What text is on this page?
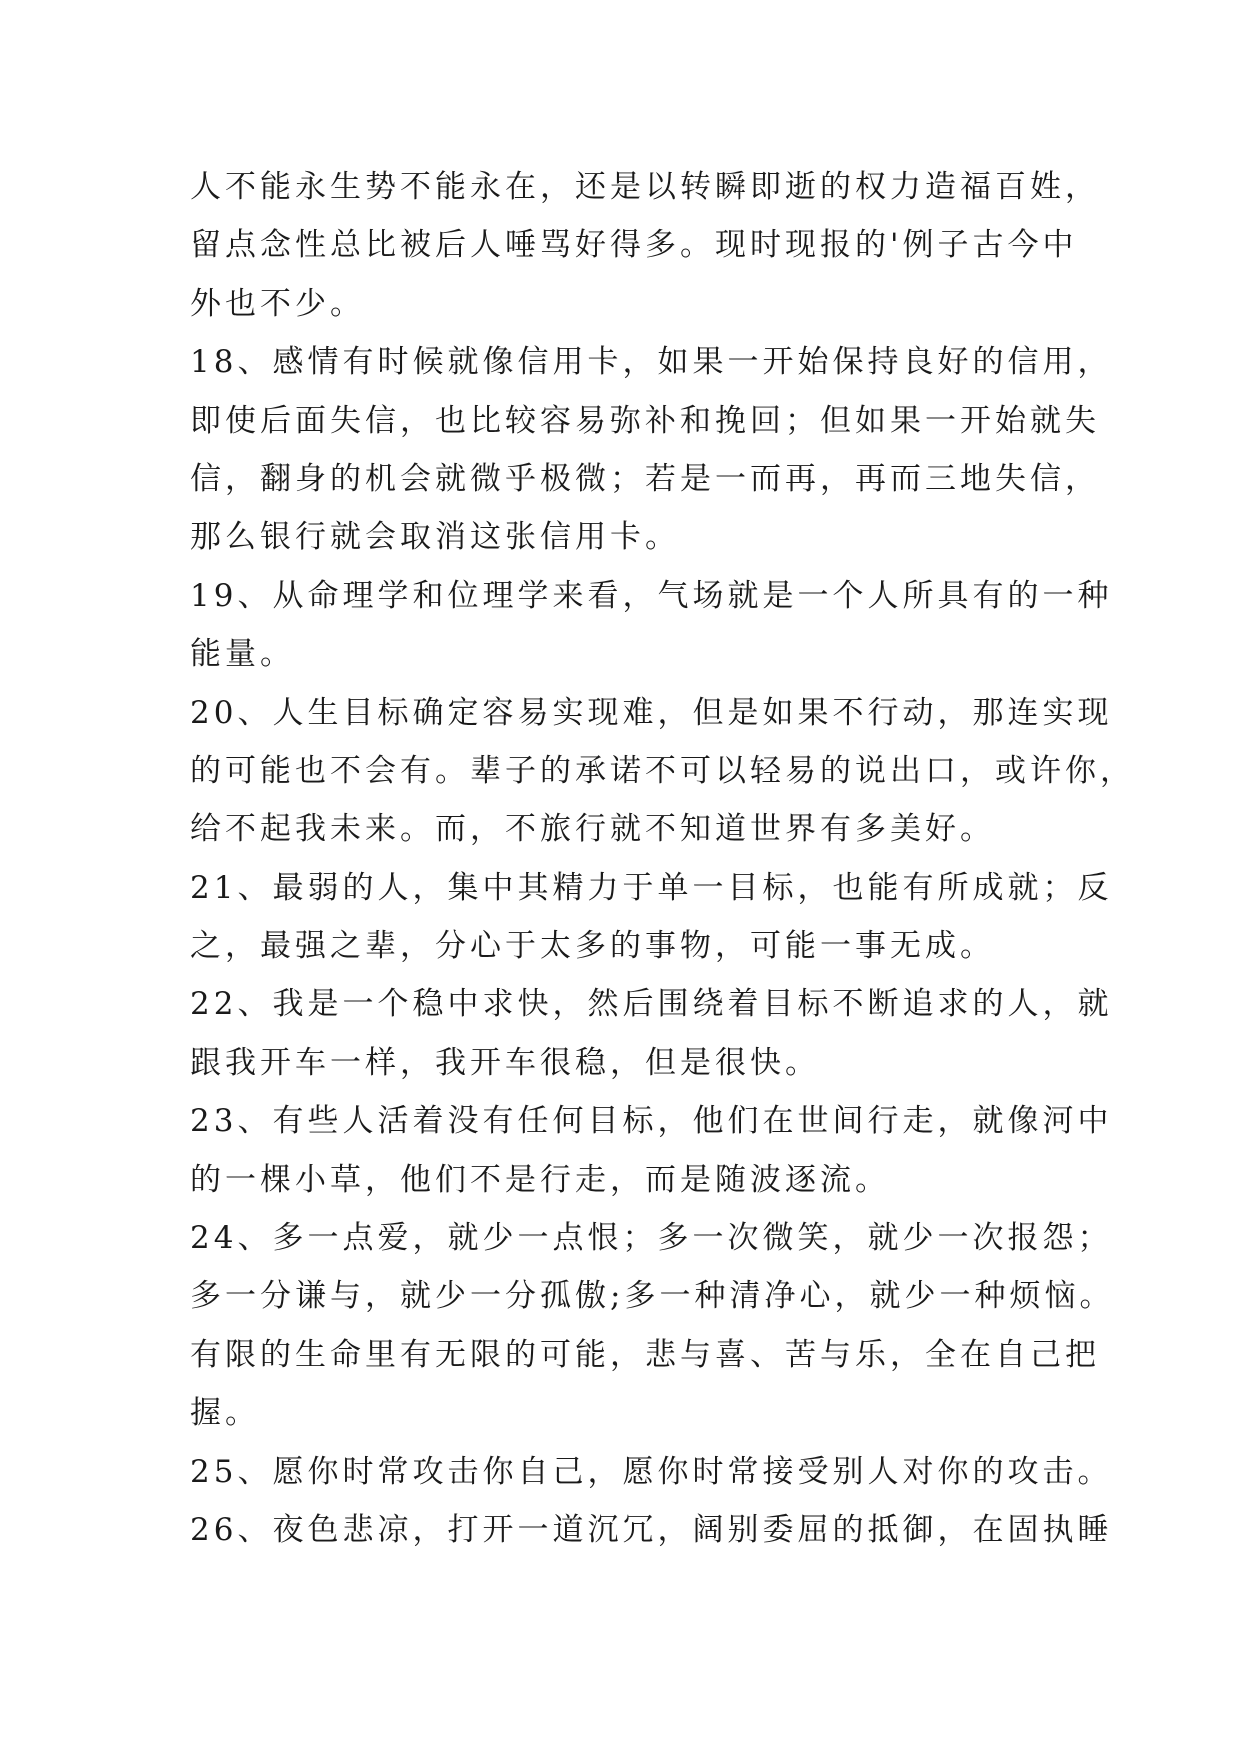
人不能永生势不能永在，还是以转瞬即逝的权力造福百姓，
留点念性总比被后人唾骂好得多。现时现报的'例子古今中
外也不少。
18、感情有时候就像信用卡，如果一开始保持良好的信用，
即使后面失信，也比较容易弥补和挽回；但如果一开始就失
信，翻身的机会就微乎极微；若是一而再，再而三地失信，
那么银行就会取消这张信用卡。
19、从命理学和位理学来看，气场就是一个人所具有的一种
能量。
20、人生目标确定容易实现难，但是如果不行动，那连实现
的可能也不会有。辈子的承诺不可以轻易的说出口，或许你，
给不起我未来。而，不旅行就不知道世界有多美好。
21、最弱的人，集中其精力于单一目标，也能有所成就；反
之，最强之辈，分心于太多的事物，可能一事无成。
22、我是一个稳中求快，然后围绕着目标不断追求的人，就
跟我开车一样，我开车很稳，但是很快。
23、有些人活着没有任何目标，他们在世间行走，就像河中
的一棵小草，他们不是行走，而是随波逐流。
24、多一点爱，就少一点恨；多一次微笑，就少一次报怨；
多一分谦与，就少一分孤傲;多一种清净心，就少一种烦恼。
有限的生命里有无限的可能，悲与喜、苦与乐，全在自己把
握。
25、愿你时常攻击你自己，愿你时常接受别人对你的攻击。
26、夜色悲凉，打开一道沉冗，阔别委屈的抵御，在固执睡
